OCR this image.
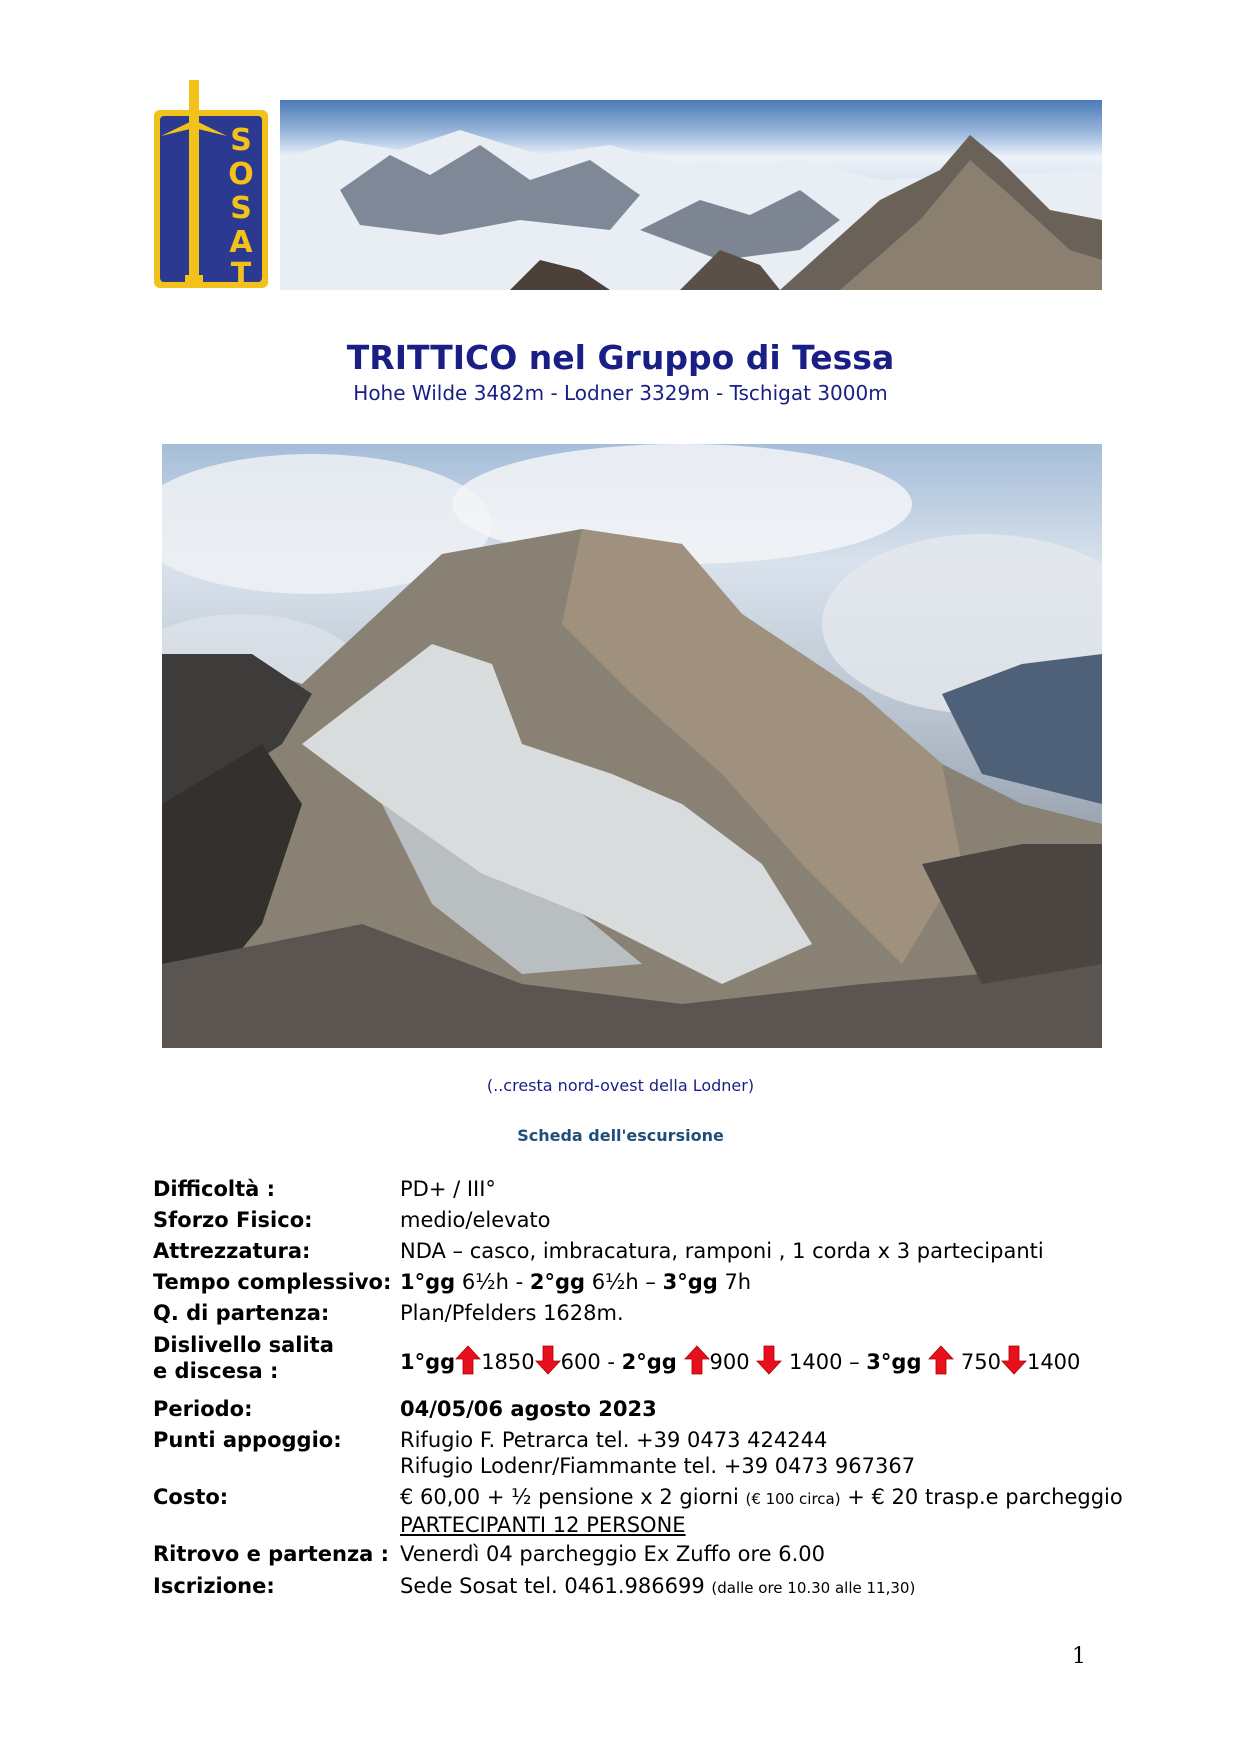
S
O
S
A
T
TRITTICO nel Gruppo di Tessa
Hohe Wilde 3482m - Lodner 3329m - Tschigat 3000m
(..cresta nord-ovest della Lodner)
Scheda dell'escursione
Difficoltà :	PD+ / III°
Sforzo Fisico:	medio/elevato
Attrezzatura:	NDA – casco, imbracatura, ramponi , 1 corda x 3 partecipanti
Tempo complessivo: 1°gg 6½h - 2°gg 6½h – 3°gg 7h
Q. di partenza:	Plan/Pfelders 1628m.
Dislivello salita
e discesa :	1°gg 1850 600 - 2°gg 900 1400 – 3°gg 750 1400
Periodo:	04/05/06 agosto 2023
Punti appoggio:	Rifugio F. Petrarca tel. +39 0473 424244
Rifugio Lodenr/Fiammante tel. +39 0473 967367
Costo:	€ 60,00 + ½ pensione x 2 giorni (€ 100 circa) + € 20 trasp.e parcheggio
PARTECIPANTI 12 PERSONE
Ritrovo e partenza : Venerdì 04 parcheggio Ex Zuffo ore 6.00
Iscrizione:	Sede Sosat tel. 0461.986699 (dalle ore 10.30 alle 11,30)
1
